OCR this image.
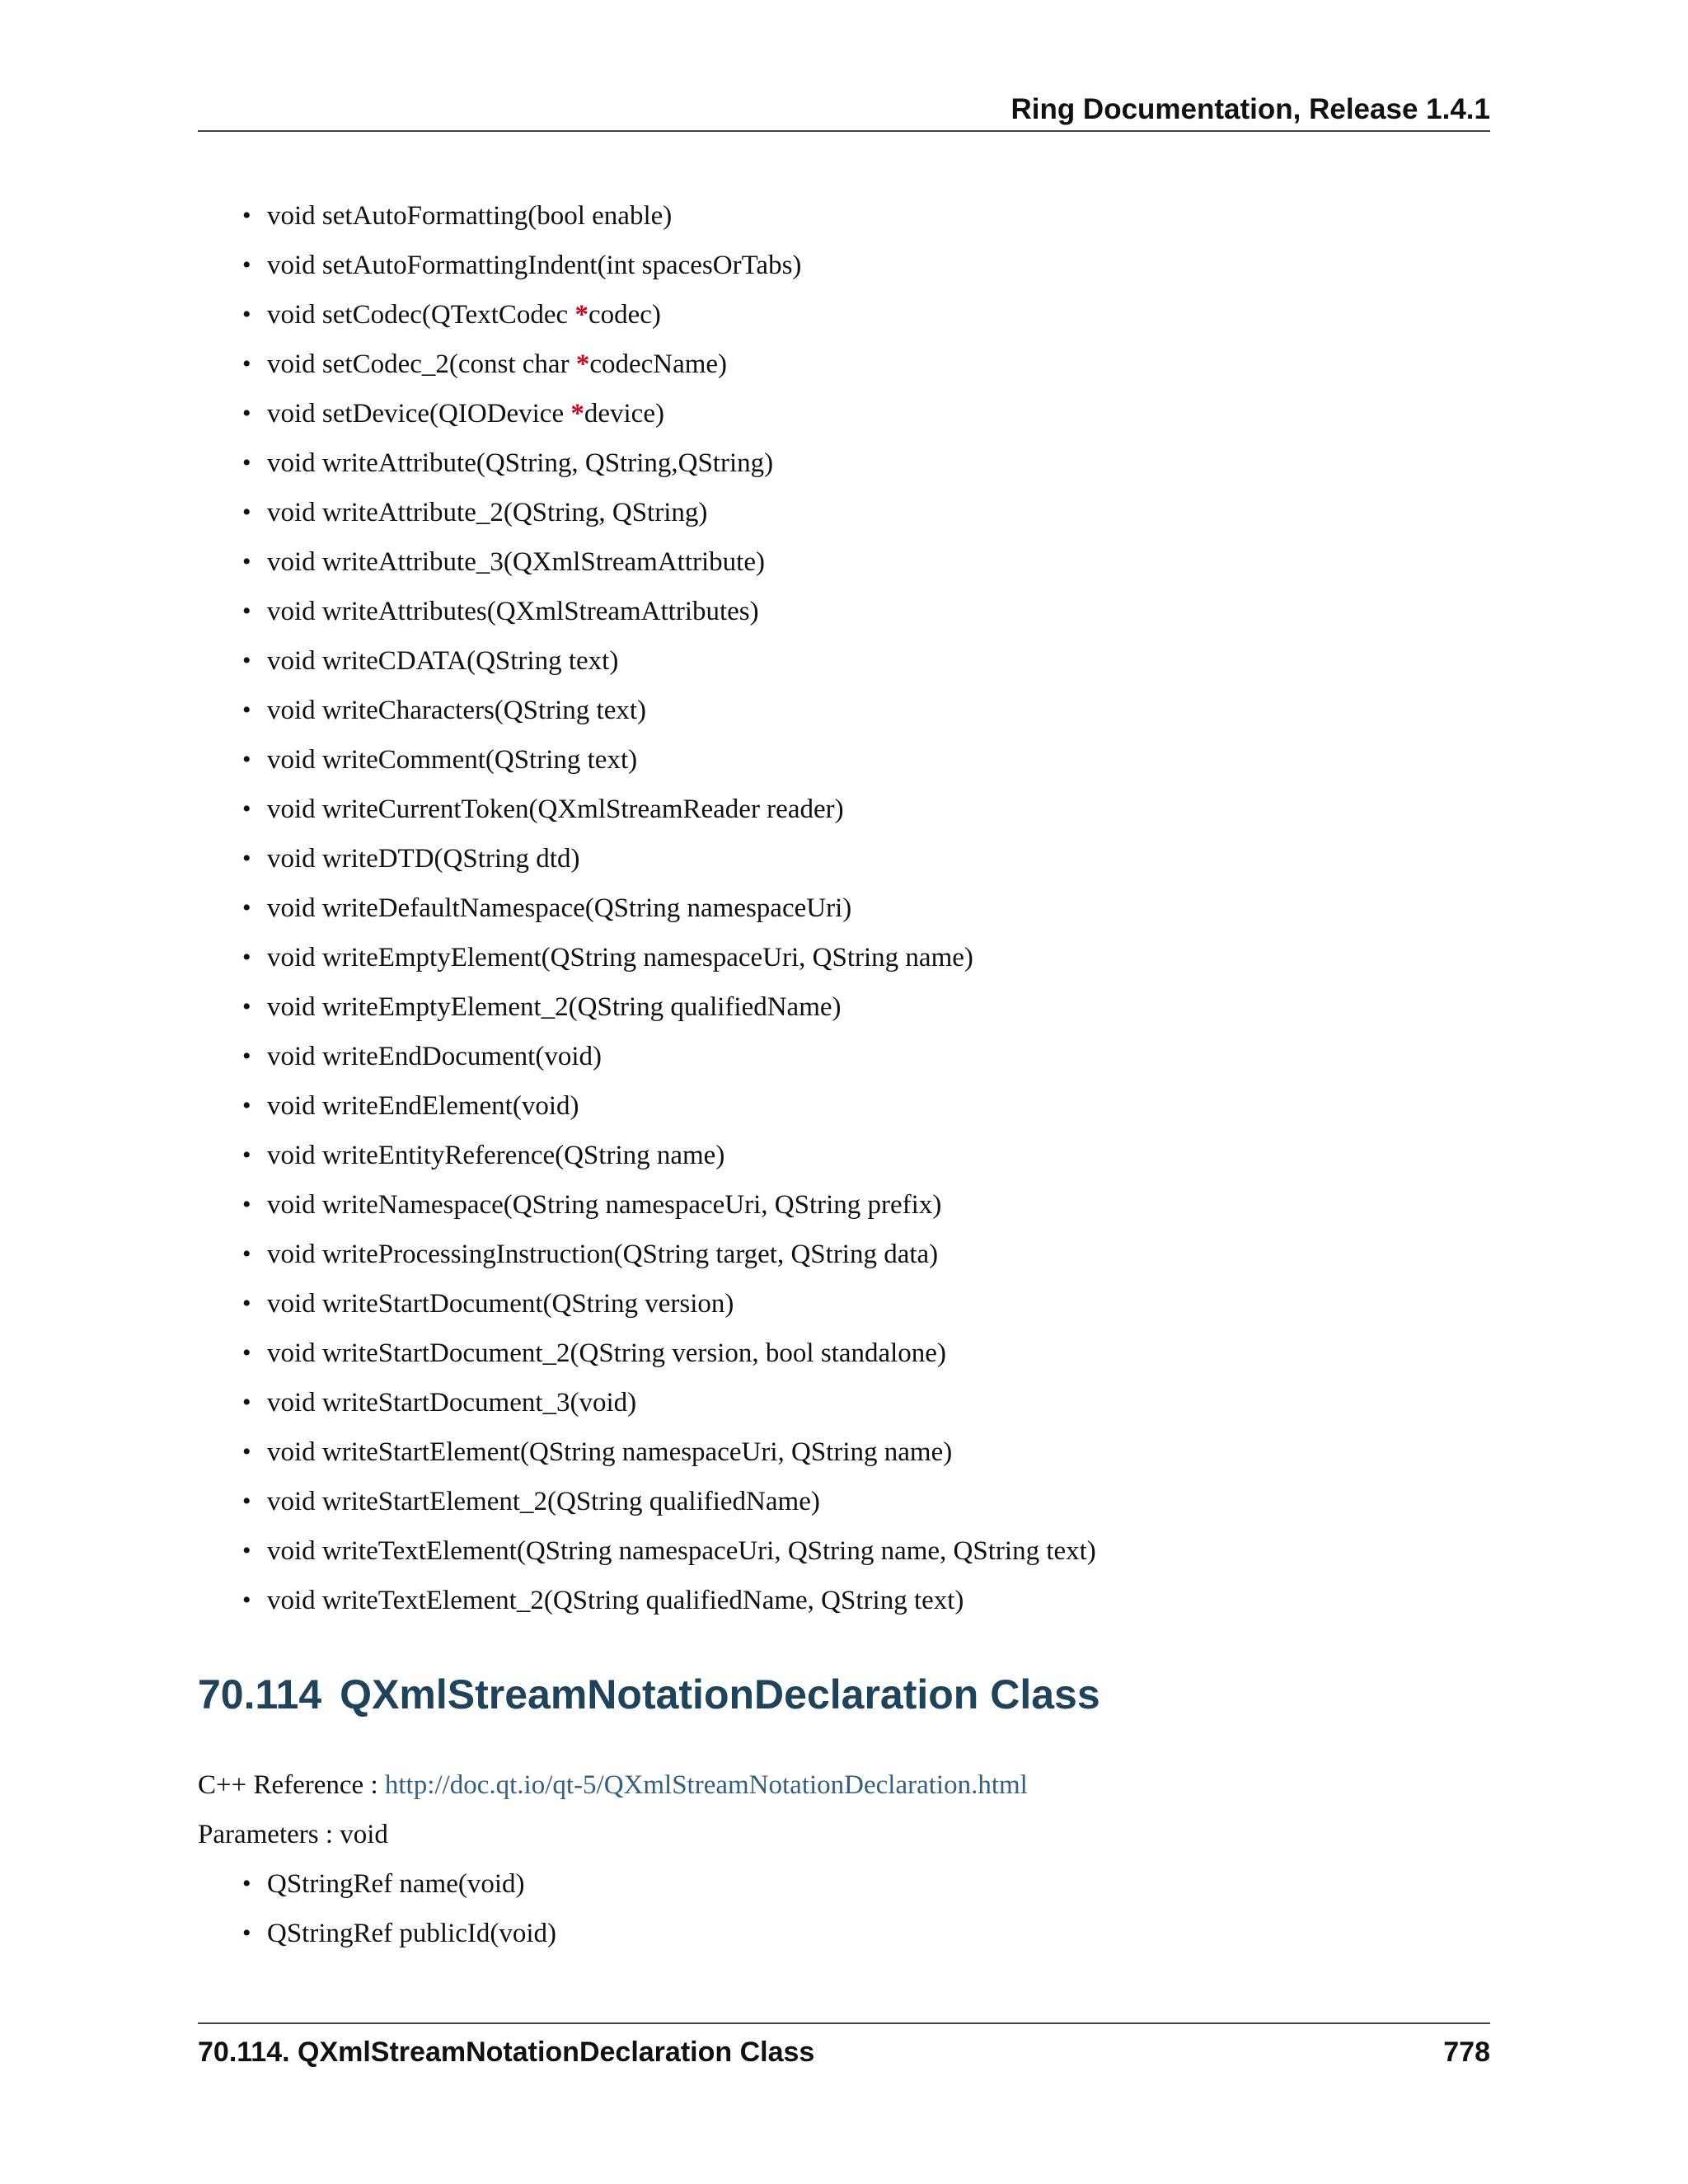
Ring Documentation, Release 1.4.1
• void setAutoFormatting(bool enable)
• void setAutoFormattingIndent(int spacesOrTabs)
• void setCodec(QTextCodec *codec)
• void setCodec_2(const char *codecName)
• void setDevice(QIODevice *device)
• void writeAttribute(QString, QString,QString)
• void writeAttribute_2(QString, QString)
• void writeAttribute_3(QXmlStreamAttribute)
• void writeAttributes(QXmlStreamAttributes)
• void writeCDATA(QString text)
• void writeCharacters(QString text)
• void writeComment(QString text)
• void writeCurrentToken(QXmlStreamReader reader)
• void writeDTD(QString dtd)
• void writeDefaultNamespace(QString namespaceUri)
• void writeEmptyElement(QString namespaceUri, QString name)
• void writeEmptyElement_2(QString qualifiedName)
• void writeEndDocument(void)
• void writeEndElement(void)
• void writeEntityReference(QString name)
• void writeNamespace(QString namespaceUri, QString prefix)
• void writeProcessingInstruction(QString target, QString data)
• void writeStartDocument(QString version)
• void writeStartDocument_2(QString version, bool standalone)
• void writeStartDocument_3(void)
• void writeStartElement(QString namespaceUri, QString name)
• void writeStartElement_2(QString qualifiedName)
• void writeTextElement(QString namespaceUri, QString name, QString text)
• void writeTextElement_2(QString qualifiedName, QString text)
70.114 QXmlStreamNotationDeclaration Class
C++ Reference : http://doc.qt.io/qt-5/QXmlStreamNotationDeclaration.html
Parameters : void
• QStringRef name(void)
• QStringRef publicId(void)
70.114. QXmlStreamNotationDeclaration Class	778
